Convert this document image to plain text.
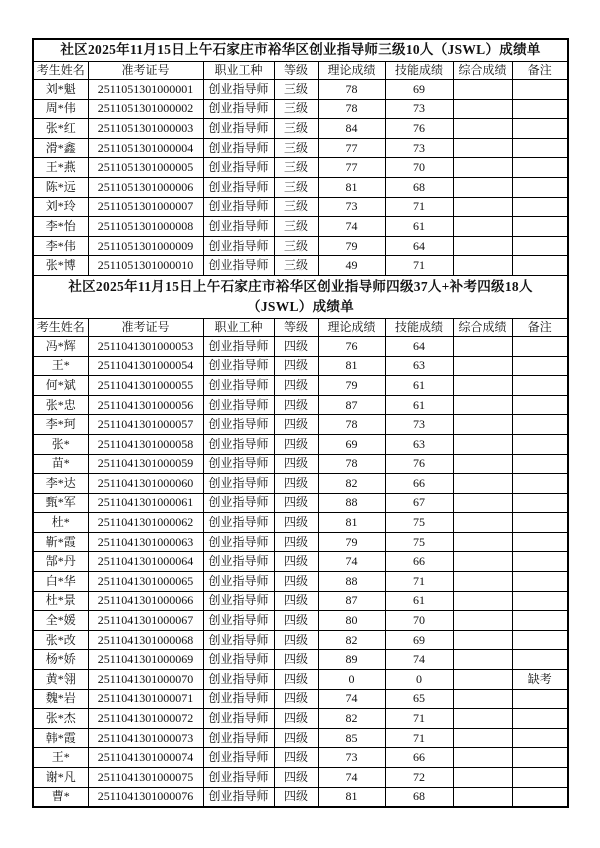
社区2025年11月15日上午石家庄市裕华区创业指导师三级10人（JSWL）成绩单							
考生姓名	准考证号	职业工种	等级	理论成绩	技能成绩	综合成绩	备注
刘*魁	2511051301000001	创业指导师	三级	78	69		
周*伟	2511051301000002	创业指导师	三级	78	73		
张*红	2511051301000003	创业指导师	三级	84	76		
滑*鑫	2511051301000004	创业指导师	三级	77	73		
王*燕	2511051301000005	创业指导师	三级	77	70		
陈*远	2511051301000006	创业指导师	三级	81	68		
刘*玲	2511051301000007	创业指导师	三级	73	71		
李*怡	2511051301000008	创业指导师	三级	74	61		
李*伟	2511051301000009	创业指导师	三级	79	64		
张*博	2511051301000010	创业指导师	三级	49	71		

社区2025年11月15日上午石家庄市裕华区创业指导师四级37人+补考四级18人
（JSWL）成绩单							

考生姓名	准考证号	职业工种	等级	理论成绩	技能成绩	综合成绩	备注
冯*辉	2511041301000053	创业指导师	四级	76	64		
王*	2511041301000054	创业指导师	四级	81	63		
何*斌	2511041301000055	创业指导师	四级	79	61		
张*忠	2511041301000056	创业指导师	四级	87	61		
李*珂	2511041301000057	创业指导师	四级	78	73		
张*	2511041301000058	创业指导师	四级	69	63		
苗*	2511041301000059	创业指导师	四级	78	76		
李*达	2511041301000060	创业指导师	四级	82	66		
甄*军	2511041301000061	创业指导师	四级	88	67		
杜*	2511041301000062	创业指导师	四级	81	75		
靳*霞	2511041301000063	创业指导师	四级	79	75		
郜*丹	2511041301000064	创业指导师	四级	74	66		
白*华	2511041301000065	创业指导师	四级	88	71		
杜*景	2511041301000066	创业指导师	四级	87	61		
全*媛	2511041301000067	创业指导师	四级	80	70		
张*改	2511041301000068	创业指导师	四级	82	69		
杨*娇	2511041301000069	创业指导师	四级	89	74		
黄*翎	2511041301000070	创业指导师	四级	0	0		缺考
魏*岩	2511041301000071	创业指导师	四级	74	65		
张*杰	2511041301000072	创业指导师	四级	82	71		
韩*霞	2511041301000073	创业指导师	四级	85	71		
王*	2511041301000074	创业指导师	四级	73	66		
谢*凡	2511041301000075	创业指导师	四级	74	72		
曹*	2511041301000076	创业指导师	四级	81	68		
